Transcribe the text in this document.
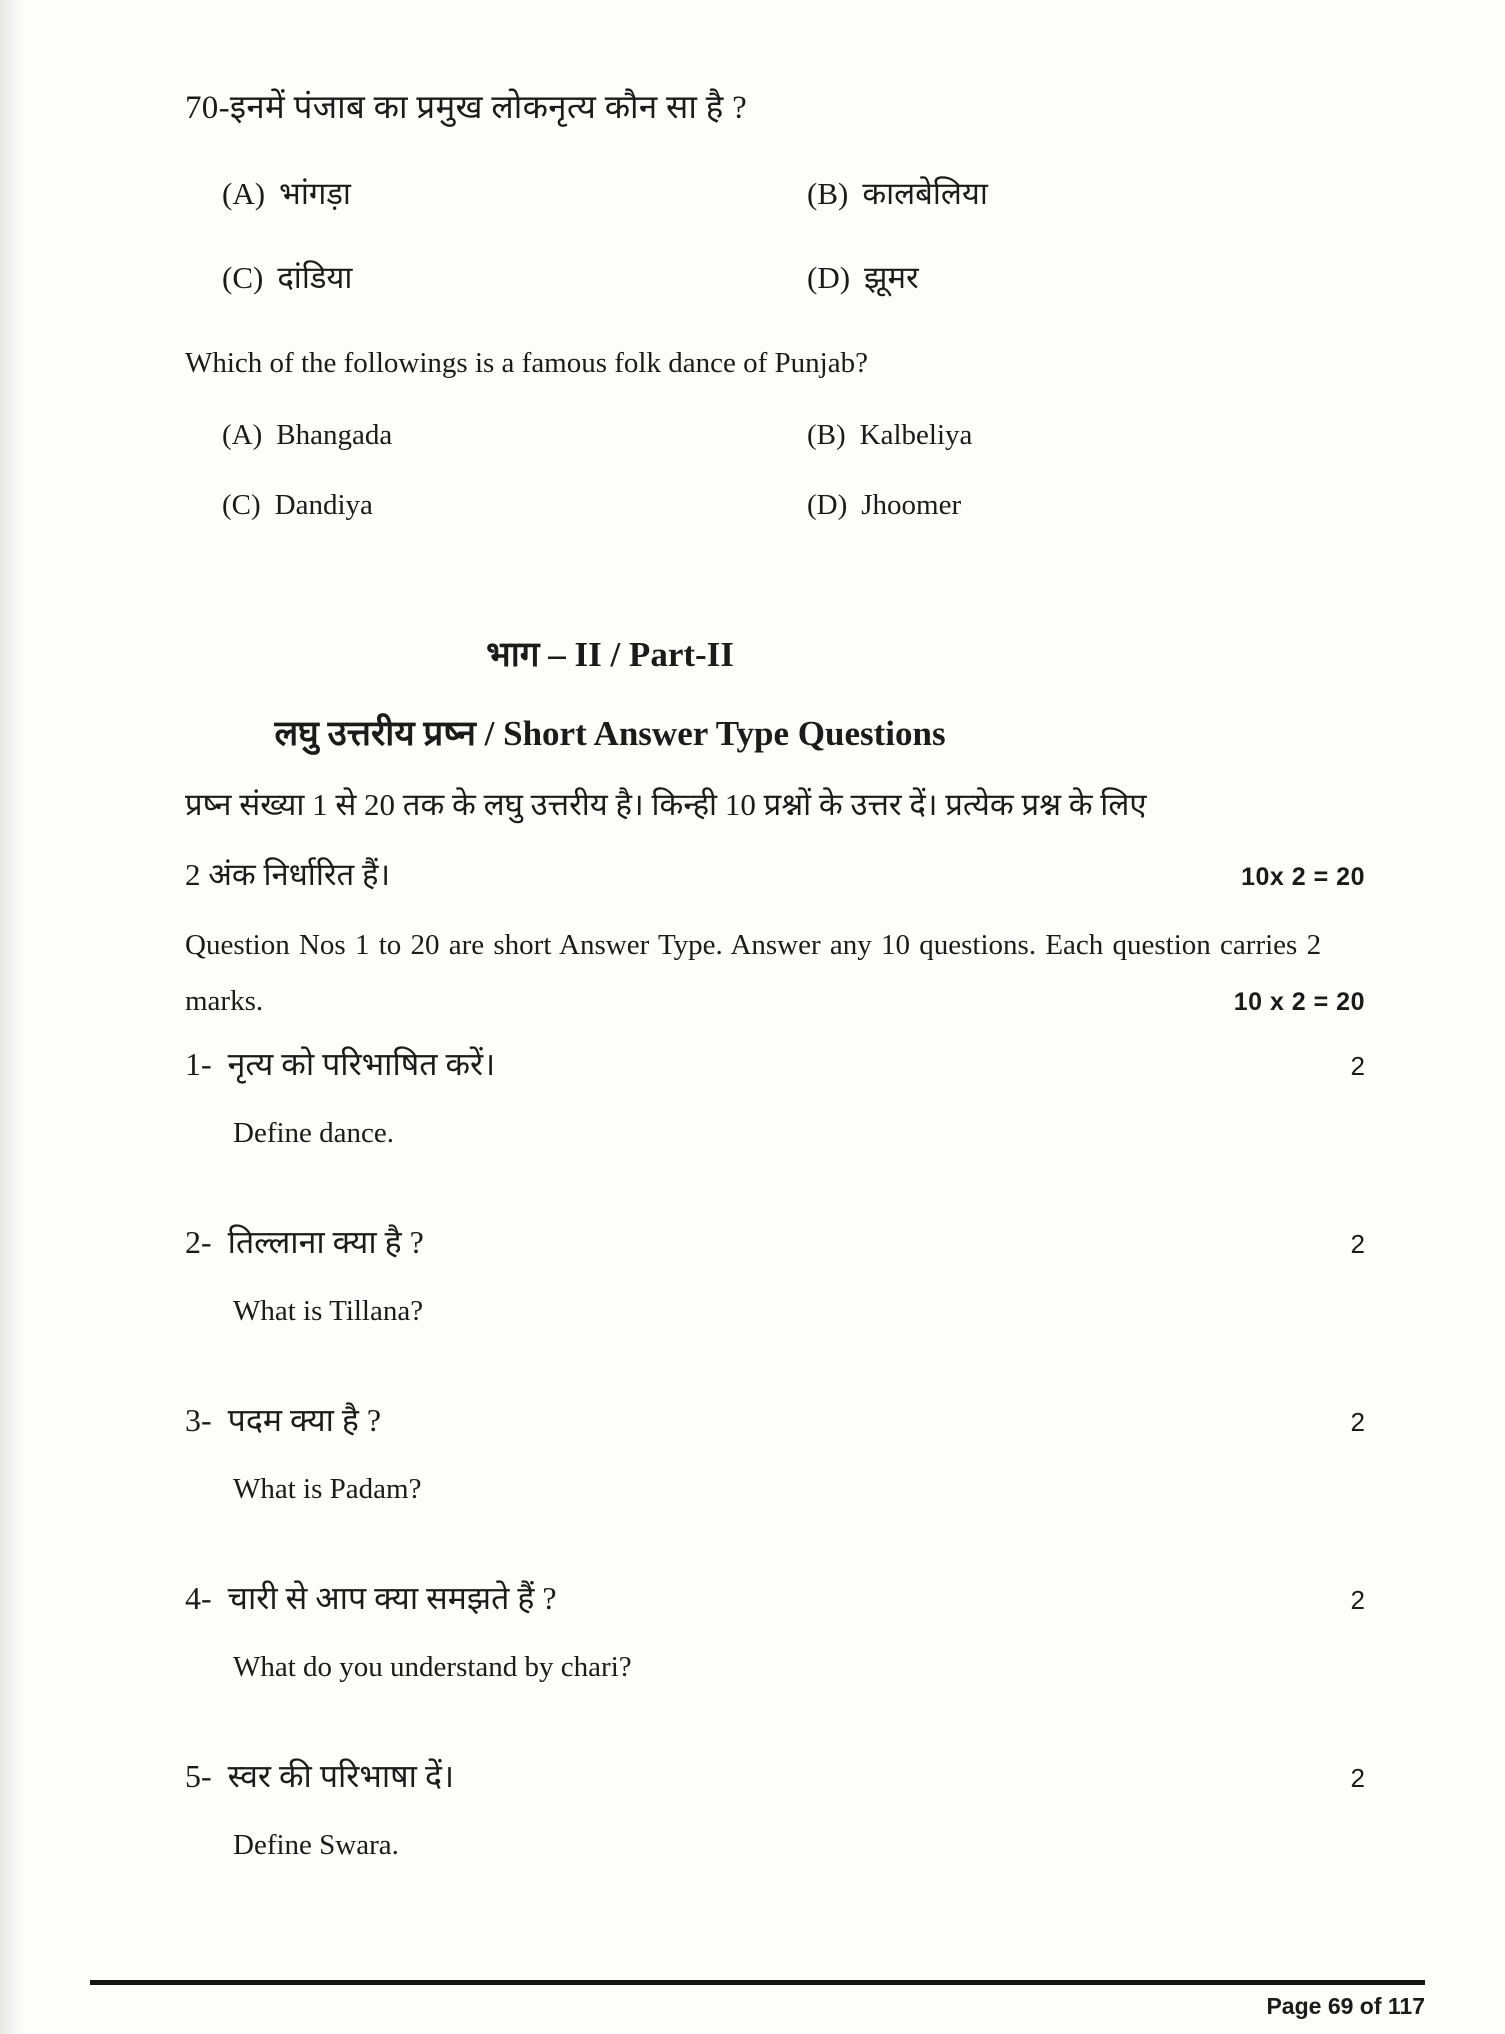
70-इनमें पंजाब का प्रमुख लोकनृत्य कौन सा है ?
(A) भांगड़ा	(B) कालबेलिया
(C) दांडिया	(D) झूमर
Which of the followings is a famous folk dance of Punjab?
(A) Bhangada	(B) Kalbeliya
(C) Dandiya	(D) Jhoomer
भाग – II / Part-II
लघु उत्तरीय प्रष्न / Short Answer Type Questions
प्रष्न संख्या 1 से 20 तक के लघु उत्तरीय है। किन्ही 10 प्रश्नों के उत्तर दें। प्रत्येक प्रश्न के लिए
2 अंक निर्धारित हैं।	10x 2 = 20
Question Nos 1 to 20 are short Answer Type. Answer any 10 questions. Each question carries 2
marks.	10 x 2 = 20
1- नृत्य को परिभाषित करें।	2
Define dance.
2- तिल्लाना क्या है ?	2
What is Tillana?
3- पदम क्या है ?	2
What is Padam?
4- चारी से आप क्या समझते हैं ?	2
What do you understand by chari?
5- स्वर की परिभाषा दें।	2
Define Swara.
Page 69 of 117
